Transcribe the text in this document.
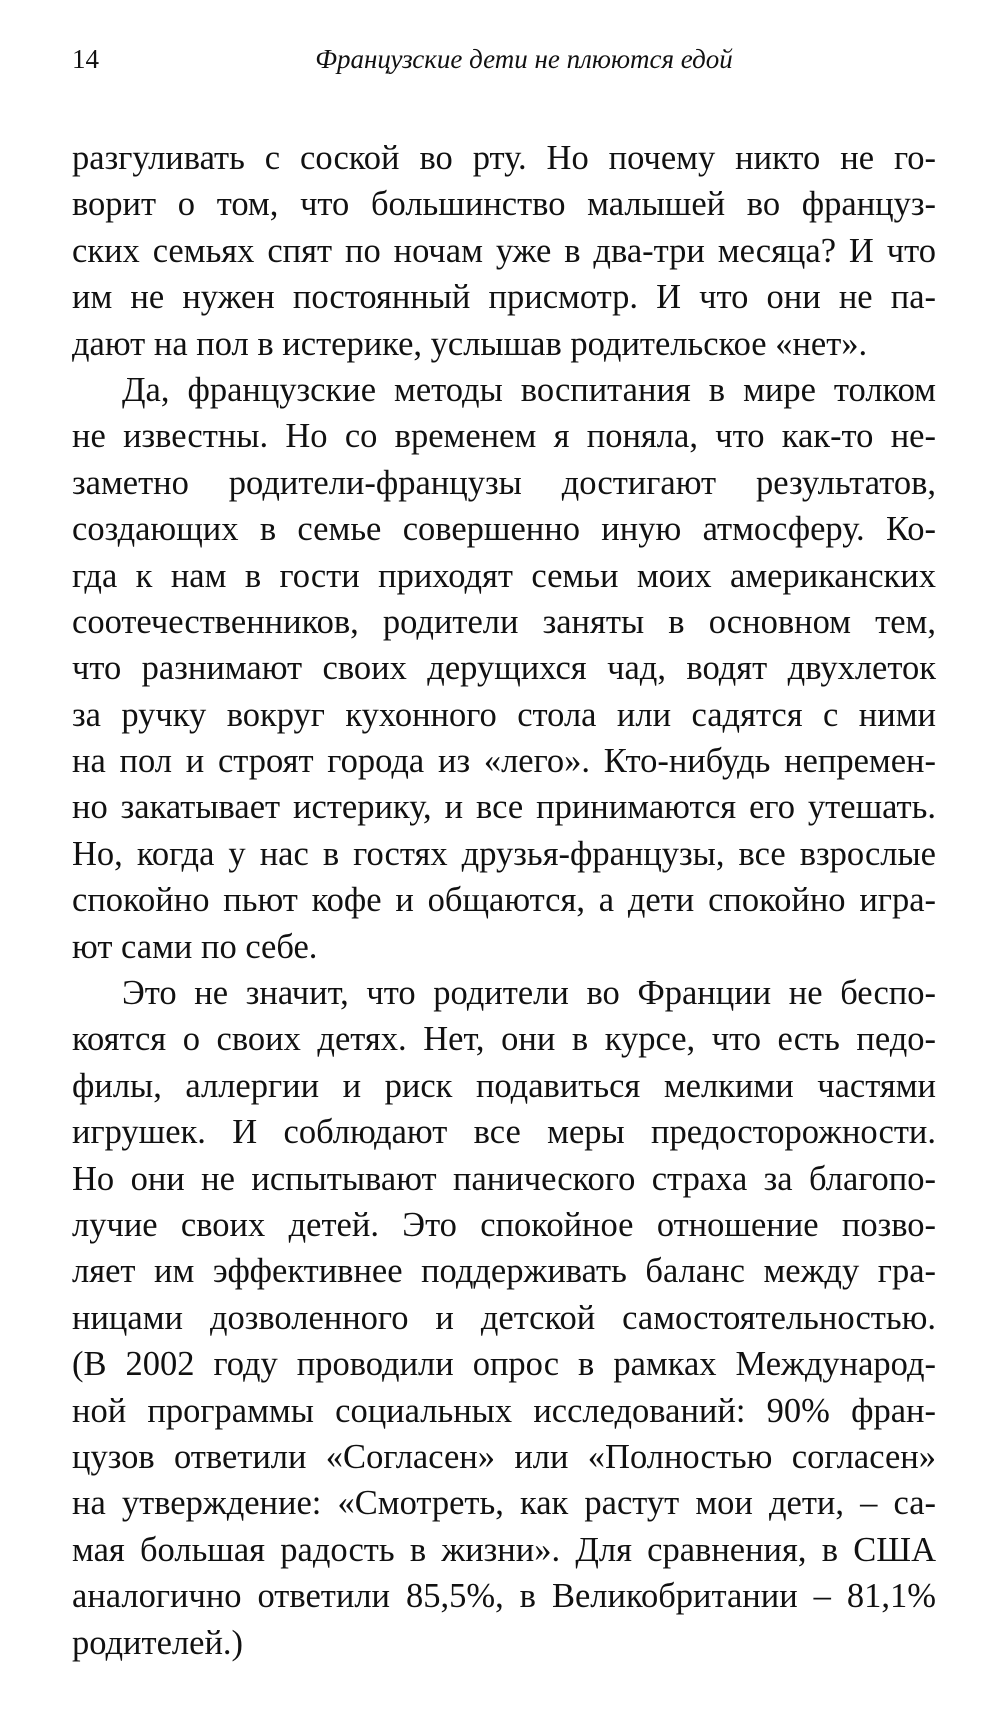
14	Французские дети не плюются едой
разгуливать с соской во рту. Но почему никто не го-
ворит о том, что большинство малышей во француз-
ских семьях спят по ночам уже в два-три месяца? И что
им не нужен постоянный присмотр. И что они не па-
дают на пол в истерике, услышав родительское «нет».
Да, французские методы воспитания в мире толком
не известны. Но со временем я поняла, что как-то не-
заметно родители-французы достигают результатов,
создающих в семье совершенно иную атмосферу. Ко-
гда к нам в гости приходят семьи моих американских
соотечественников, родители заняты в основном тем,
что разнимают своих дерущихся чад, водят двухлеток
за ручку вокруг кухонного стола или садятся с ними
на пол и строят города из «лего». Кто-нибудь непремен-
но закатывает истерику, и все принимаются его утешать.
Но, когда у нас в гостях друзья-французы, все взрослые
спокойно пьют кофе и общаются, а дети спокойно игра-
ют сами по себе.
Это не значит, что родители во Франции не беспо-
коятся о своих детях. Нет, они в курсе, что есть педо-
филы, аллергии и риск подавиться мелкими частями
игрушек. И соблюдают все меры предосторожности.
Но они не испытывают панического страха за благопо-
лучие своих детей. Это спокойное отношение позво-
ляет им эффективнее поддерживать баланс между гра-
ницами дозволенного и детской самостоятельностью.
(В 2002 году проводили опрос в рамках Международ-
ной программы социальных исследований: 90% фран-
цузов ответили «Согласен» или «Полностью согласен»
на утверждение: «Смотреть, как растут мои дети, – са-
мая большая радость в жизни». Для сравнения, в США
аналогично ответили 85,5%, в Великобритании – 81,1%
родителей.)
